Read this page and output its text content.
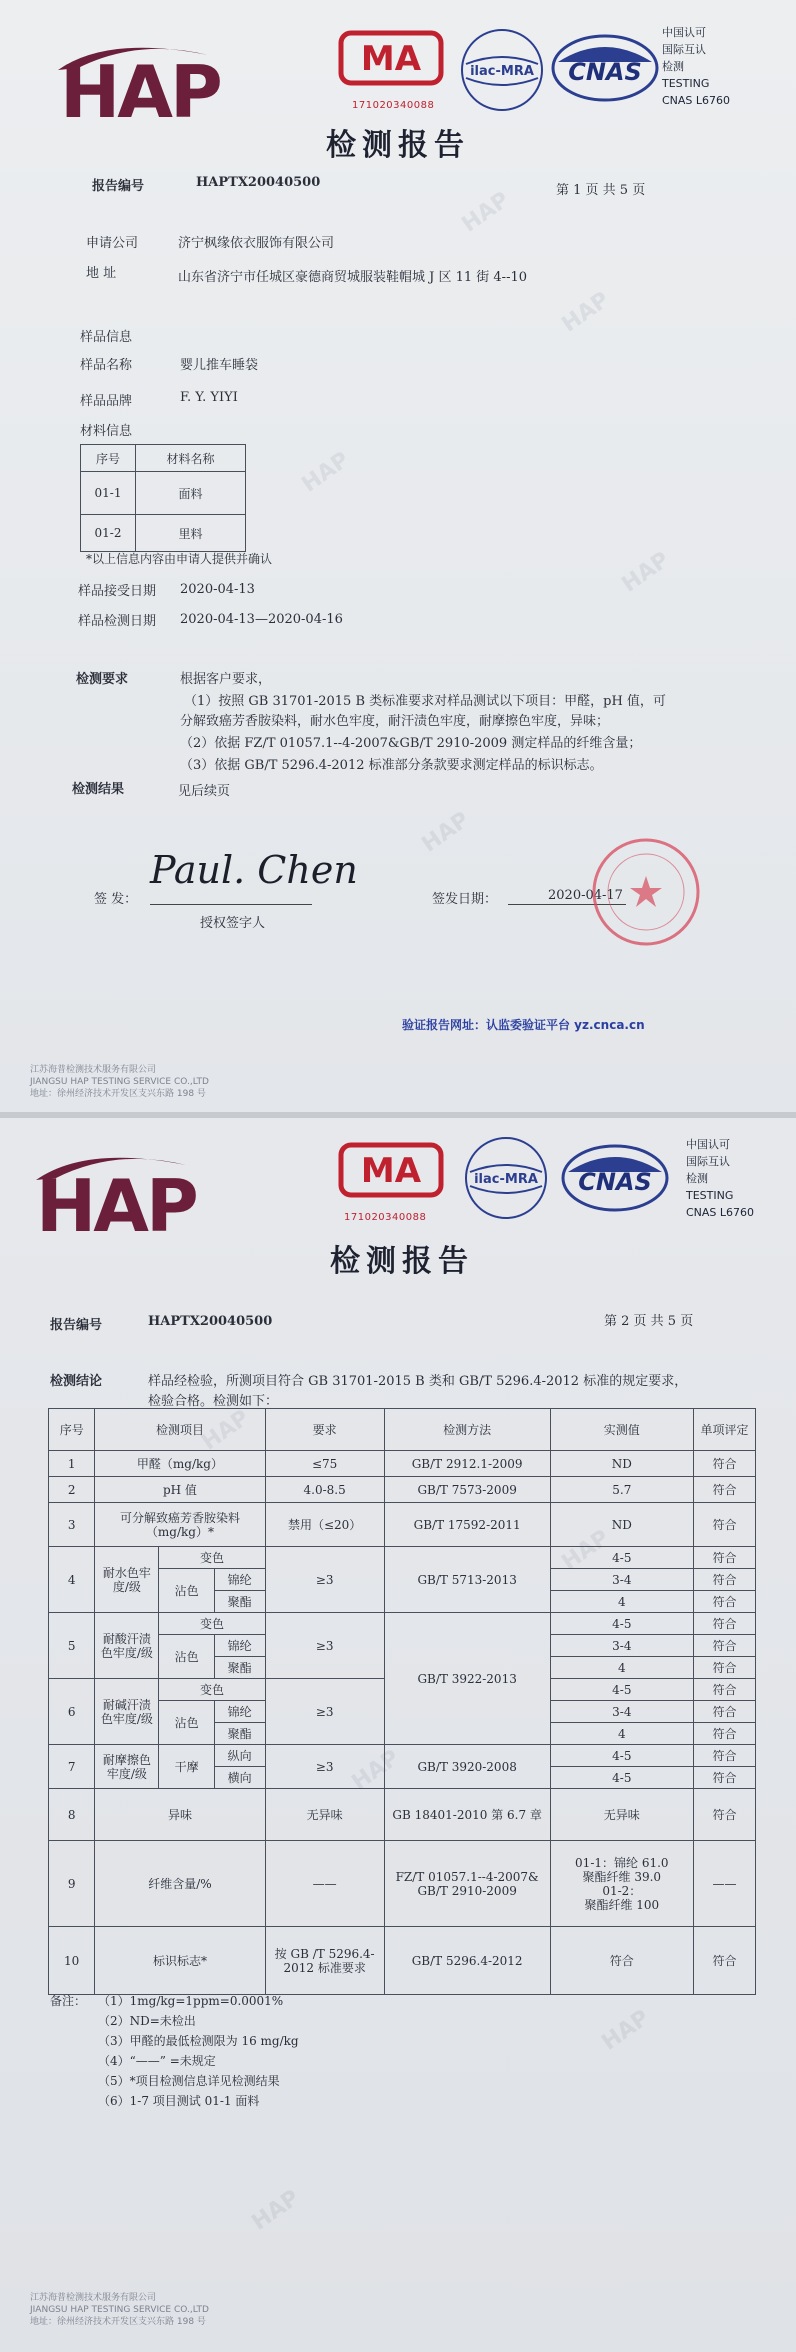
HAP
HAP
HAP
HAP
HAP
HAP	MA
171020340088
ilac-MRA CNAS
中国认可
国际互认
检测
TESTING
CNAS L6760
检测报告
报告编号	HAPTX20040500
第 1 页 共 5 页
申请公司	济宁枫缘依衣服饰有限公司
地 址	山东省济宁市任城区豪德商贸城服装鞋帽城 J 区 11 街 4--10
样品信息
样品名称	婴儿推车睡袋
样品品牌	F. Y. YIYI
材料信息
序号	材料名称
01-1	面料
01-2	里料
*以上信息内容由申请人提供并确认
样品接受日期 2020-04-13
样品检测日期 2020-04-13—2020-04-16
检测要求	根据客户要求，
（1）按照 GB 31701-2015 B 类标准要求对样品测试以下项目：甲醛，pH 值，可
分解致癌芳香胺染料，耐水色牢度，耐汗渍色牢度，耐摩擦色牢度，异味；
（2）依据 FZ/T 01057.1--4-2007&GB/T 2910-2009 测定样品的纤维含量；
（3）依据 GB/T 5296.4-2012 标准部分条款要求测定样品的标识标志。
检测结果	见后续页
签 发：
Paul. Chen
授权签字人
签发日期：	2020-04-17
验证报告网址：认监委验证平台 yz.cnca.cn
江苏海普检测技术服务有限公司
JIANGSU HAP TESTING SERVICE CO.,LTD
地址：徐州经济技术开发区支兴东路 198 号
HAP
HAP
HAP
HAP
HAP
HAP	MA
171020340088
ilac-MRA CNAS
中国认可
国际互认
检测
TESTING
CNAS L6760
检测报告
报告编号	HAPTX20040500	第 2 页 共 5 页
检测结论	样品经检验，所测项目符合 GB 31701-2015 B 类和 GB/T 5296.4-2012 标准的规定要求，
检验合格。检测如下：
序号	检测项目			要求	检测方法	实测值	单项评定
1	甲醛（mg/kg）			≤75	GB/T 2912.1-2009	ND	符合
2	pH 值			4.0-8.5	GB/T 7573-2009	5.7	符合
3	可分解致癌芳香胺染料（mg/kg）*			禁用（≤20）	GB/T 17592-2011	ND	符合
4	耐水色牢度/级	变色		≥3	GB/T 5713-2013	4-5	符合
		沾色	锦纶			3-4	符合
			聚酯			4	符合
5	耐酸汗渍色牢度/级	变色		≥3	GB/T 3922-2013	4-5	符合
		沾色	锦纶			3-4	符合
			聚酯			4	符合
6	耐碱汗渍色牢度/级	变色		≥3		4-5	符合
		沾色	锦纶			3-4	符合
			聚酯			4	符合
7	耐摩擦色牢度/级	干摩	纵向	≥3	GB/T 3920-2008	4-5	符合
			横向			4-5	符合
8	异味			无异味	GB 18401-2010 第 6.7 章	无异味	符合
9	纤维含量/%			——	FZ/T 01057.1--4-2007& GB/T 2910-2009	01-1：锦纶 61.0
聚酯纤维 39.0
01-2：
聚酯纤维 100	——
10	标识标志*			按 GB /T 5296.4-2012 标准要求	GB/T 5296.4-2012	符合	符合
备注： （1）1mg/kg=1ppm=0.0001%
（2）ND=未检出
（3）甲醛的最低检测限为 16 mg/kg
（4）“——” =未规定
（5）*项目检测信息详见检测结果
（6）1-7 项目测试 01-1 面料
江苏海普检测技术服务有限公司
JIANGSU HAP TESTING SERVICE CO.,LTD
地址：徐州经济技术开发区支兴东路 198 号
